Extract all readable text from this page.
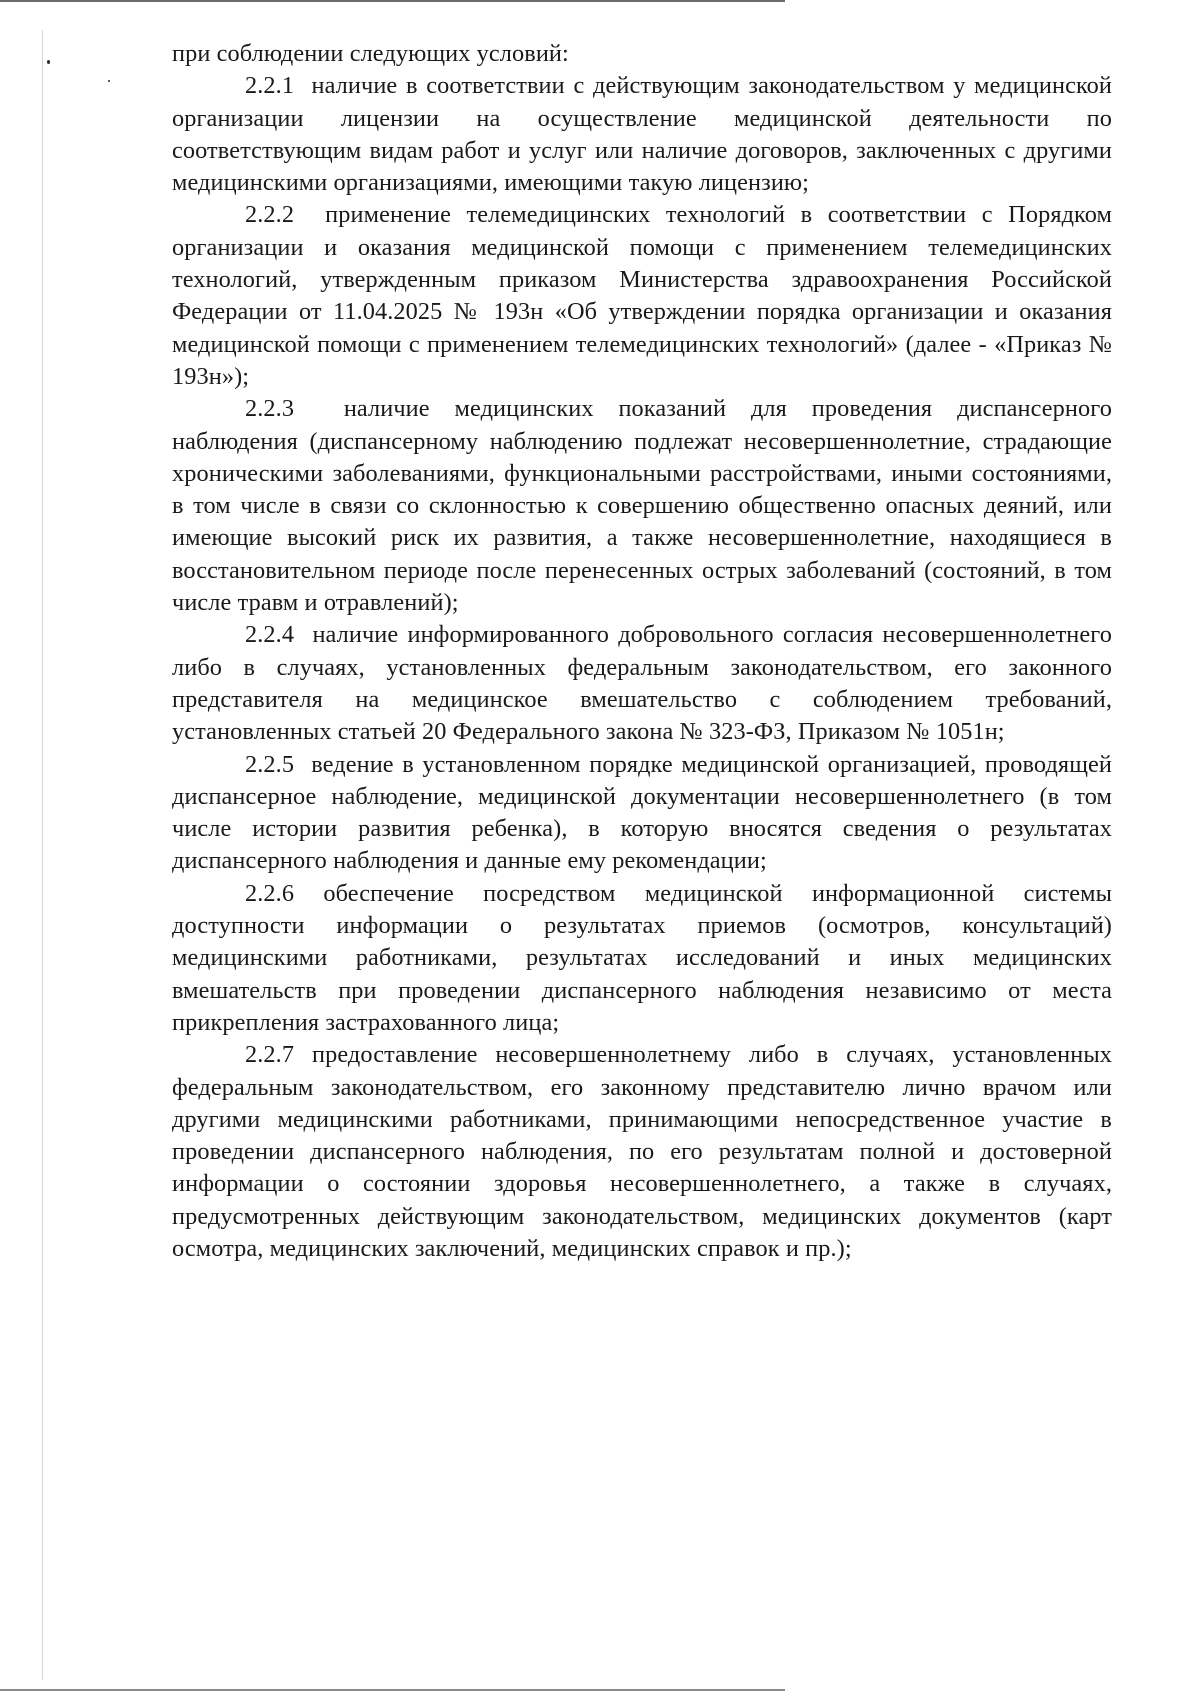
при соблюдении следующих условий:

2.2.1 наличие в соответствии с действующим законодательством у медицинской организации лицензии на осуществление медицинской деятельности по соответствующим видам работ и услуг или наличие договоров, заключенных с другими медицинскими организациями, имеющими такую лицензию;

2.2.2 применение телемедицинских технологий в соответствии с Порядком организации и оказания медицинской помощи с применением телемедицинских технологий, утвержденным приказом Министерства здравоохранения Российской Федерации от 11.04.2025 № 193н «Об утверждении порядка организации и оказания медицинской помощи с применением телемедицинских технологий» (далее - «Приказ № 193н»);

2.2.3 наличие медицинских показаний для проведения диспансерного наблюдения (диспансерному наблюдению подлежат несовершеннолетние, страдающие хроническими заболеваниями, функциональными расстройствами, иными состояниями, в том числе в связи со склонностью к совершению общественно опасных деяний, или имеющие высокий риск их развития, а также несовершеннолетние, находящиеся в восстановительном периоде после перенесенных острых заболеваний (состояний, в том числе травм и отравлений);

2.2.4 наличие информированного добровольного согласия несовершеннолетнего либо в случаях, установленных федеральным законодательством, его законного представителя на медицинское вмешательство с соблюдением требований, установленных статьей 20 Федерального закона № 323-ФЗ, Приказом № 1051н;

2.2.5 ведение в установленном порядке медицинской организацией, проводящей диспансерное наблюдение, медицинской документации несовершеннолетнего (в том числе истории развития ребенка), в которую вносятся сведения о результатах диспансерного наблюдения и данные ему рекомендации;

2.2.6 обеспечение посредством медицинской информационной системы доступности информации о результатах приемов (осмотров, консультаций) медицинскими работниками, результатах исследований и иных медицинских вмешательств при проведении диспансерного наблюдения независимо от места прикрепления застрахованного лица;

2.2.7 предоставление несовершеннолетнему либо в случаях, установленных федеральным законодательством, его законному представителю лично врачом или другими медицинскими работниками, принимающими непосредственное участие в проведении диспансерного наблюдения, по его результатам полной и достоверной информации о состоянии здоровья несовершеннолетнего, а также в случаях, предусмотренных действующим законодательством, медицинских документов (карт осмотра, медицинских заключений, медицинских справок и пр.);
